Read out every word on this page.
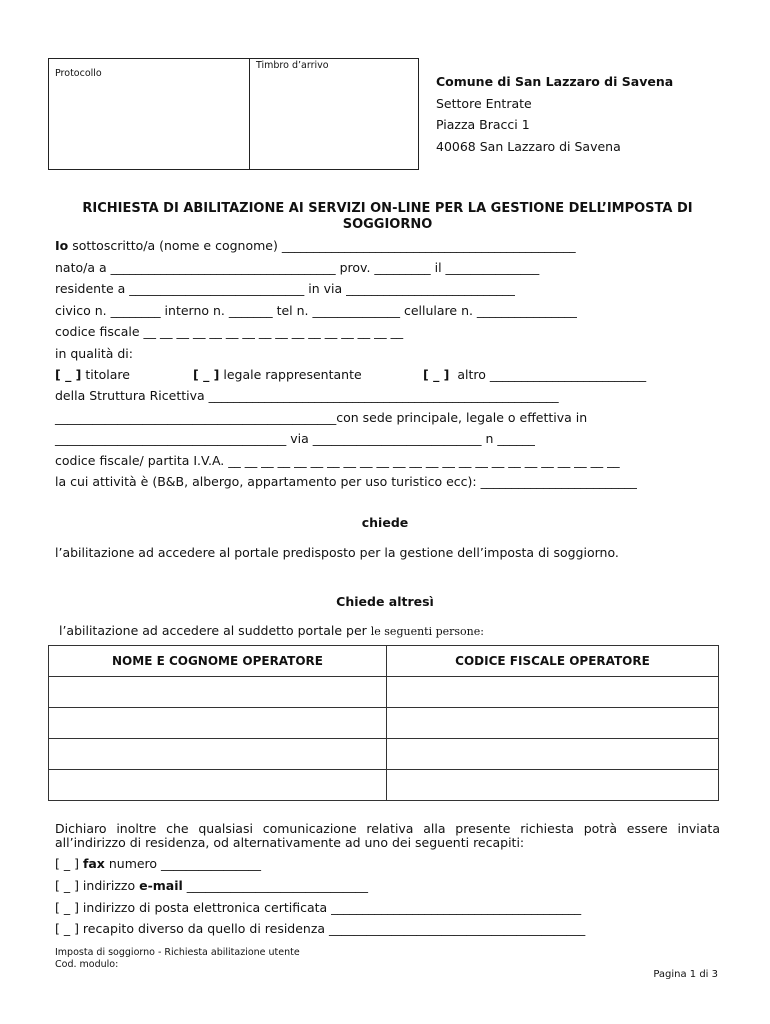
Protocollo
Timbro d’arrivo
Comune di San Lazzaro di Savena
Settore Entrate
Piazza Bracci 1
40068 San Lazzaro di Savena
RICHIESTA DI ABILITAZIONE AI SERVIZI ON-LINE PER LA GESTIONE DELL’IMPOSTA DI SOGGIORNO
Io sottoscritto/a (nome e cognome) _______________________________________________
nato/a a ____________________________________ prov. _________ il _______________
residente a ____________________________ in via ___________________________
civico n. ________ interno n. _______ tel n. ______________ cellulare n. ________________
codice fiscale __ __ __ __ __ __ __ __ __ __ __ __ __ __ __ __
in qualità di:
[ _ ] titolare	[ _ ] legale rappresentante	[ _ ]  altro _________________________
della Struttura Ricettiva ________________________________________________________
_____________________________________________con sede principale, legale o effettiva in
_____________________________________ via ___________________________ n ______
codice fiscale/ partita I.V.A. __ __ __ __ __ __ __ __ __ __ __ __ __ __ __ __ __ __ __ __ __ __ __ __
la cui attività è (B&B, albergo, appartamento per uso turistico ecc): _________________________
chiede
l’abilitazione ad accedere al portale predisposto per la gestione dell’imposta di soggiorno.
Chiede altresì
l’abilitazione ad accedere al suddetto portale per le seguenti persone:
NOME E COGNOME OPERATORE	CODICE FISCALE OPERATORE

Dichiaro inoltre che qualsiasi comunicazione relativa alla presente richiesta potrà essere inviata
all’indirizzo di residenza, od alternativamente ad uno dei seguenti recapiti:
[ _ ] fax numero ________________
[ _ ] indirizzo e-mail _____________________________
[ _ ] indirizzo di posta elettronica certificata ________________________________________
[ _ ] recapito diverso da quello di residenza _________________________________________
Imposta di soggiorno - Richiesta abilitazione utente
Cod. modulo:
Pagina 1 di 3
